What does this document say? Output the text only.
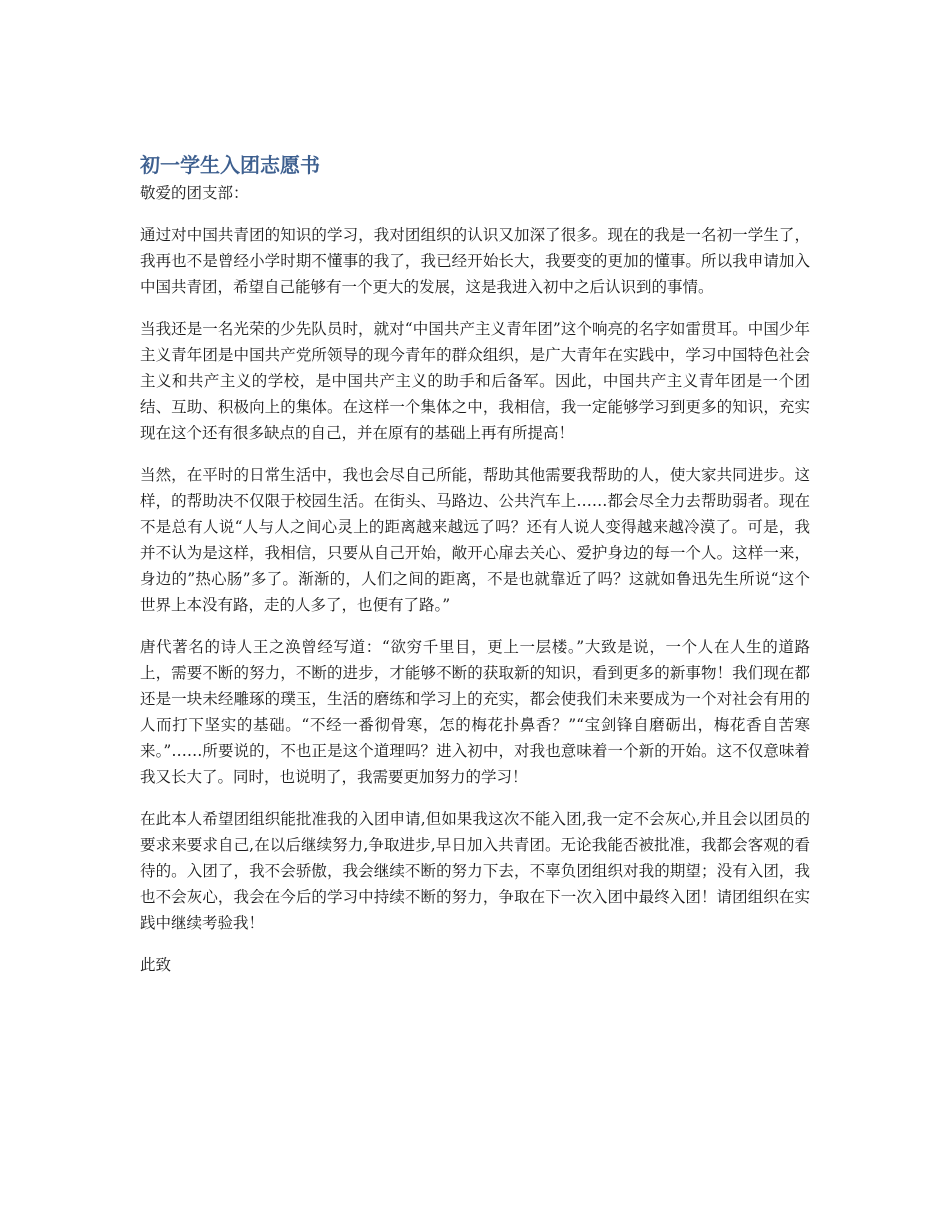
初一学生入团志愿书

敬爱的团支部：

通过对中国共青团的知识的学习，我对团组织的认识又加深了很多。现在的我是一名初一学生了，我再也不是曾经小学时期不懂事的我了，我已经开始长大，我要变的更加的懂事。所以我申请加入中国共青团，希望自己能够有一个更大的发展，这是我进入初中之后认识到的事情。

当我还是一名光荣的少先队员时，就对“中国共产主义青年团”这个响亮的名字如雷贯耳。中国少年主义青年团是中国共产党所领导的现今青年的群众组织，是广大青年在实践中，学习中国特色社会主义和共产主义的学校，是中国共产主义的助手和后备军。因此，中国共产主义青年团是一个团结、互助、积极向上的集体。在这样一个集体之中，我相信，我一定能够学习到更多的知识，充实现在这个还有很多缺点的自己，并在原有的基础上再有所提高！

当然，在平时的日常生活中，我也会尽自己所能，帮助其他需要我帮助的人，使大家共同进步。这样，的帮助决不仅限于校园生活。在街头、马路边、公共汽车上……都会尽全力去帮助弱者。现在不是总有人说“人与人之间心灵上的距离越来越远了吗？还有人说人变得越来越冷漠了。可是，我并不认为是这样，我相信，只要从自己开始，敞开心扉去关心、爱护身边的每一个人。这样一来，身边的”热心肠”多了。渐渐的，人们之间的距离，不是也就靠近了吗？这就如鲁迅先生所说“这个世界上本没有路，走的人多了，也便有了路。”

唐代著名的诗人王之涣曾经写道：“欲穷千里目，更上一层楼。”大致是说，一个人在人生的道路上，需要不断的努力，不断的进步，才能够不断的获取新的知识，看到更多的新事物！我们现在都还是一块未经雕琢的璞玉，生活的磨练和学习上的充实，都会使我们未来要成为一个对社会有用的人而打下坚实的基础。“不经一番彻骨寒，怎的梅花扑鼻香？”“宝剑锋自磨砺出，梅花香自苦寒来。”……所要说的，不也正是这个道理吗？进入初中，对我也意味着一个新的开始。这不仅意味着我又长大了。同时，也说明了，我需要更加努力的学习！

在此本人希望团组织能批准我的入团申请,但如果我这次不能入团,我一定不会灰心,并且会以团员的要求来要求自己,在以后继续努力,争取进步,早日加入共青团。无论我能否被批准，我都会客观的看待的。入团了，我不会骄傲，我会继续不断的努力下去，不辜负团组织对我的期望；没有入团，我也不会灰心，我会在今后的学习中持续不断的努力，争取在下一次入团中最终入团！请团组织在实践中继续考验我！

此致
